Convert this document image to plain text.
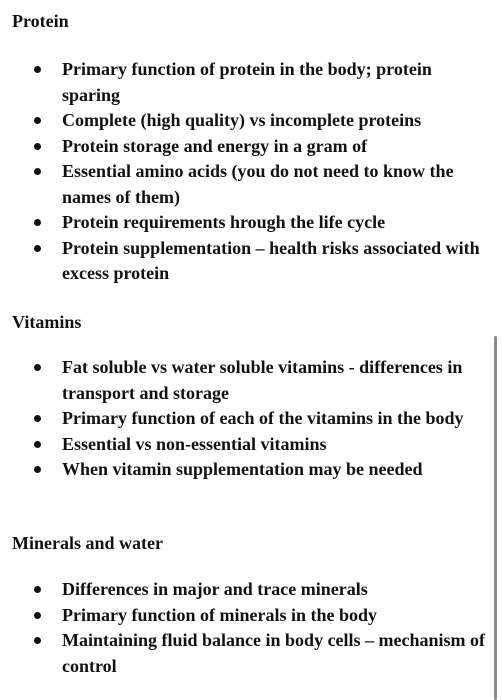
Protein
Primary function of protein in the body; protein sparing
Complete (high quality) vs incomplete proteins
Protein storage and energy in a gram of
Essential amino acids (you do not need to know the names of them)
Protein requirements hrough the life cycle
Protein supplementation – health risks associated with excess protein
Vitamins
Fat soluble vs water soluble vitamins - differences in transport and storage
Primary function of each of the vitamins in the body
Essential vs non-essential vitamins
When vitamin supplementation may be needed
Minerals and water
Differences in major and trace minerals
Primary function of minerals in the body
Maintaining fluid balance in body cells – mechanism of control
